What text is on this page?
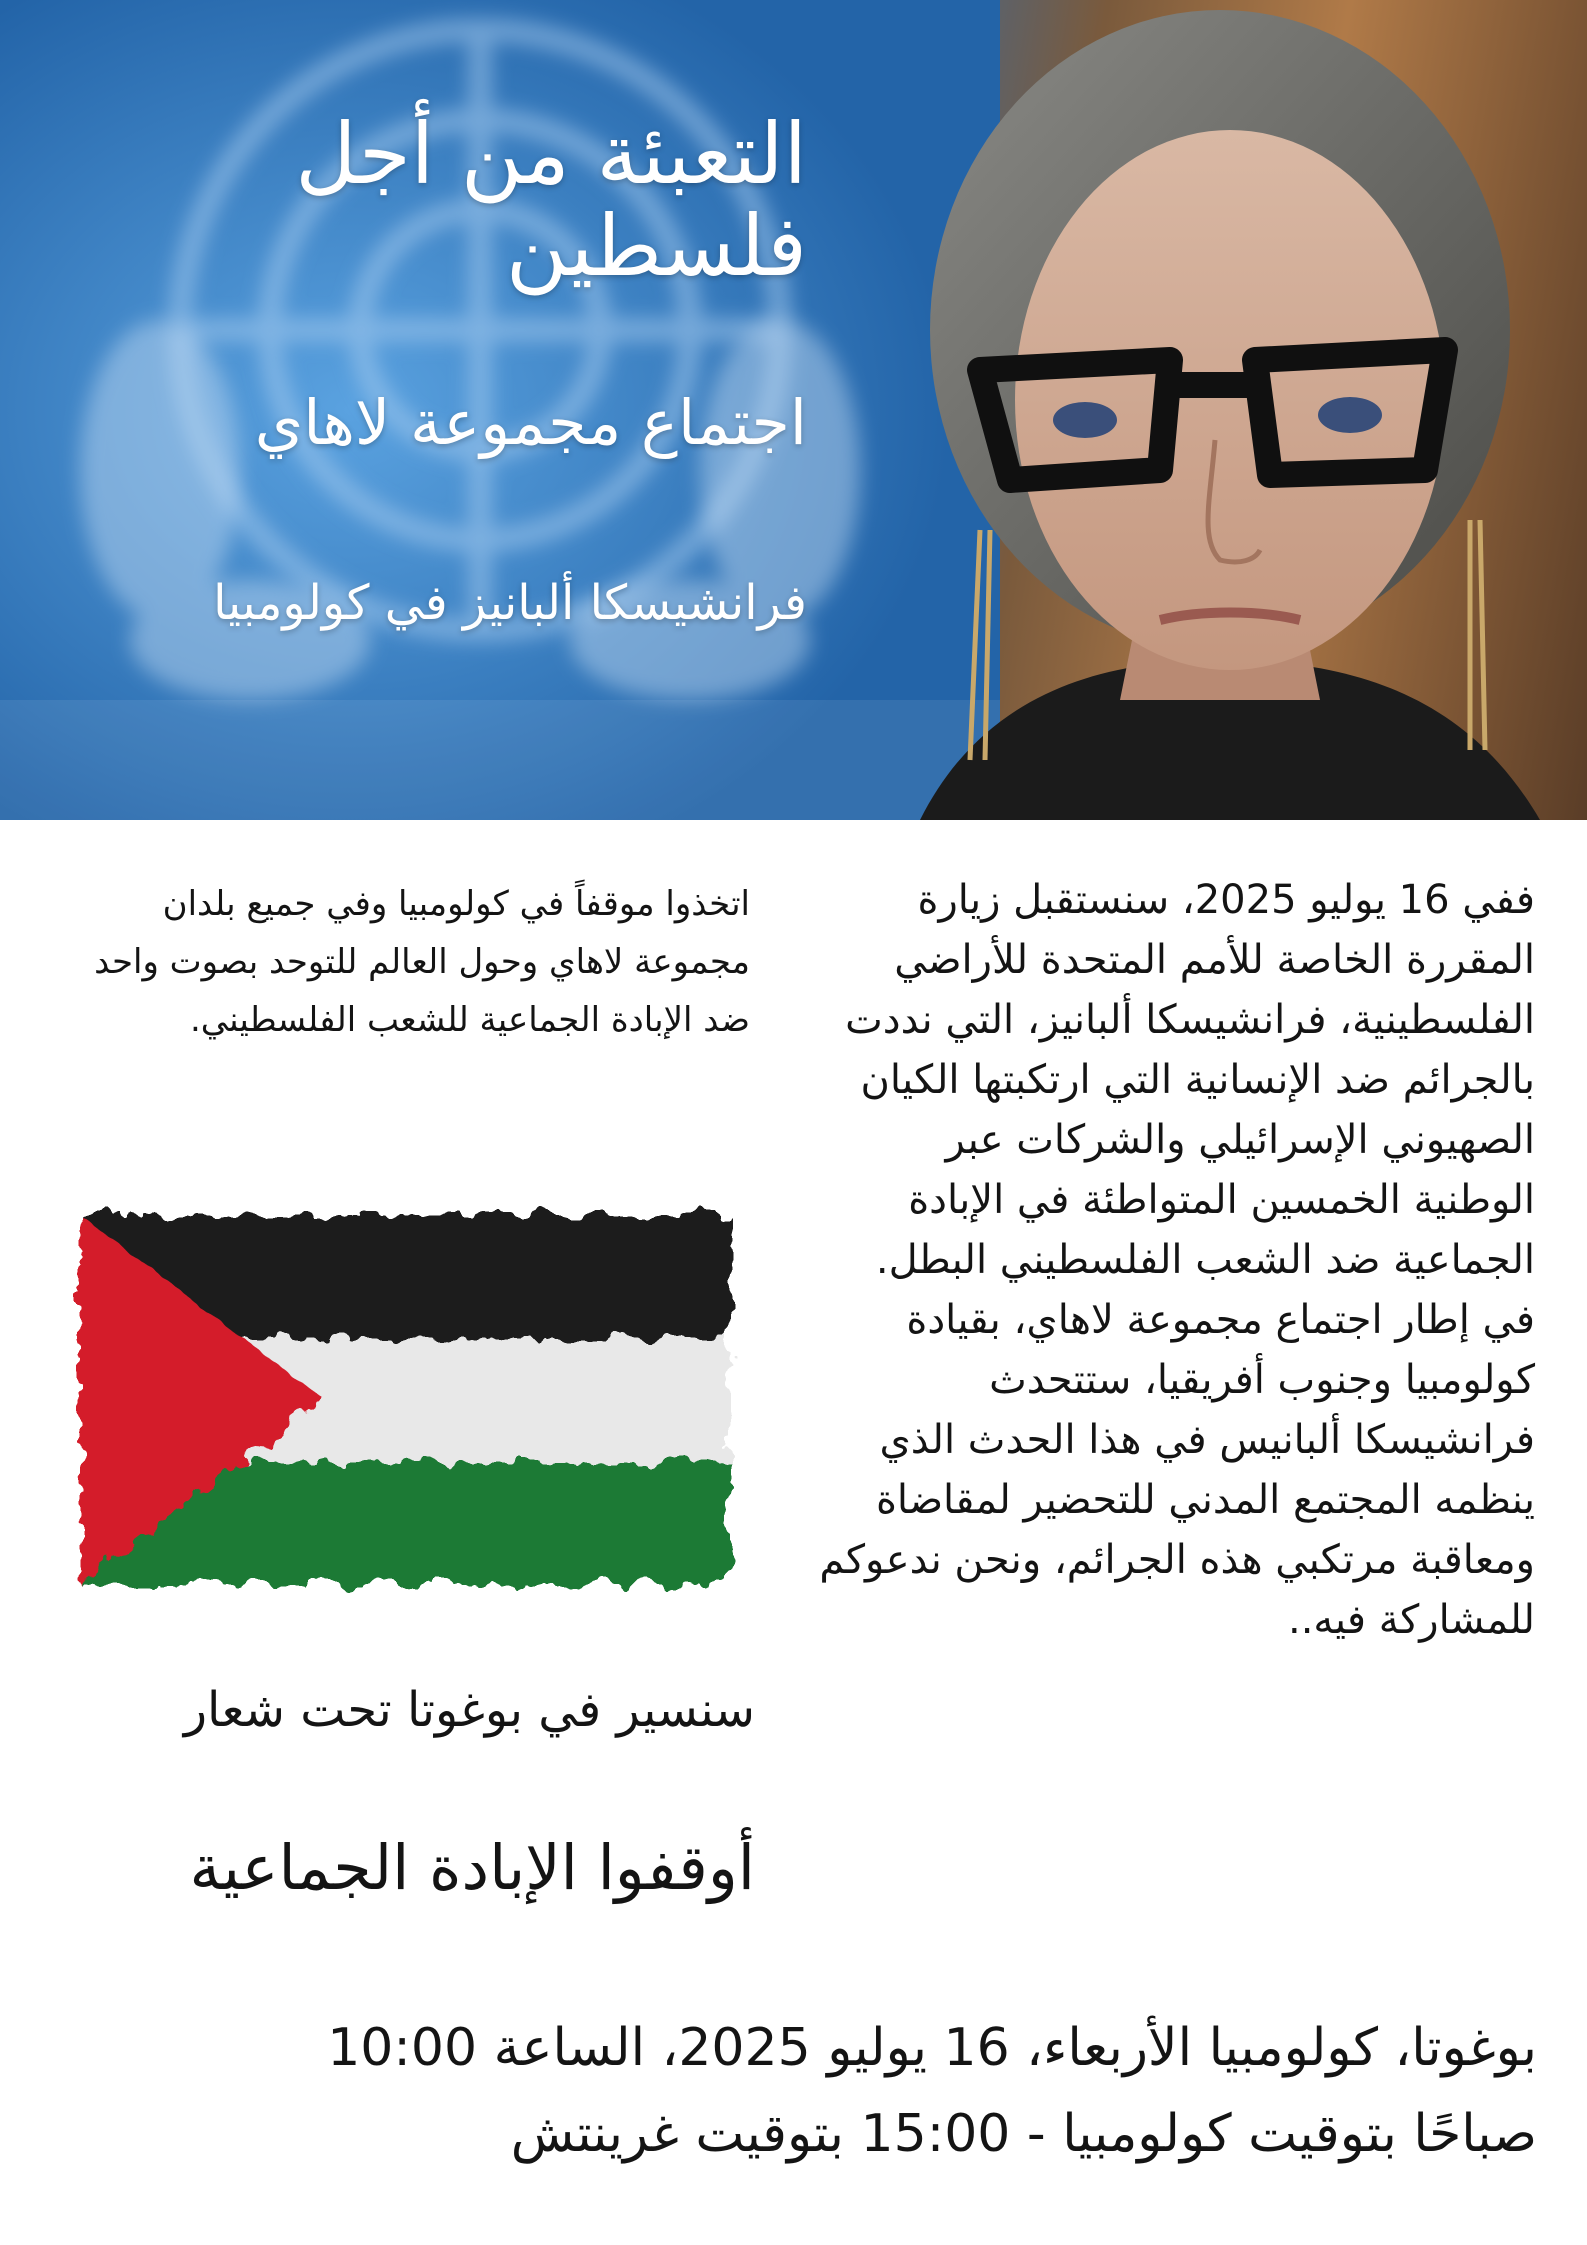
التعبئة من أجل فلسطين
اجتماع مجموعة لاهاي
فرانشيسكا ألبانيز في كولومبيا

ففي 16 يوليو 2025، سنستقبل زيارة المقررة الخاصة للأمم المتحدة للأراضي الفلسطينية، فرانشيسكا ألبانيز، التي نددت بالجرائم ضد الإنسانية التي ارتكبتها الكيان الصهيوني الإسرائيلي والشركات عبر الوطنية الخمسين المتواطئة في الإبادة الجماعية ضد الشعب الفلسطيني البطل.

في إطار اجتماع مجموعة لاهاي، بقيادة كولومبيا وجنوب أفريقيا، ستتحدث فرانشيسكا ألبانيس في هذا الحدث الذي ينظمه المجتمع المدني للتحضير لمقاضاة ومعاقبة مرتكبي هذه الجرائم، ونحن ندعوكم للمشاركة فيه..

اتخذوا موقفاً في كولومبيا وفي جميع بلدان مجموعة لاهاي وحول العالم للتوحد بصوت واحد ضد الإبادة الجماعية للشعب الفلسطيني.
سنسير في بوغوتا تحت شعار
أوقفوا الإبادة الجماعية
بوغوتا، كولومبيا الأربعاء، 16 يوليو 2025، الساعة 10:00
صباحًا بتوقيت كولومبيا - 15:00 بتوقيت غرينتش
